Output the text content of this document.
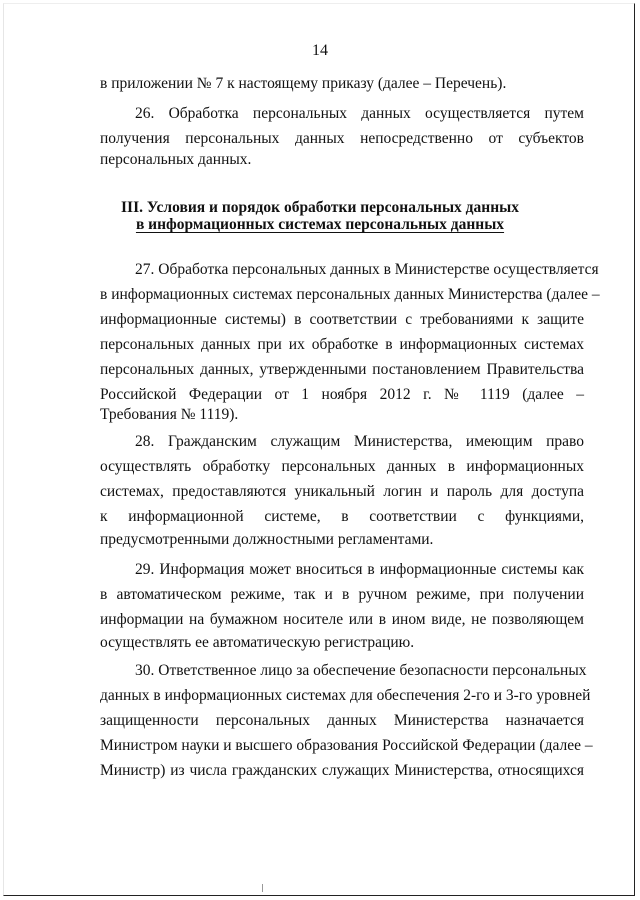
14
в приложении № 7 к настоящему приказу (далее – Перечень).
26. Обработка персональных данных осуществляется путем
получения персональных данных непосредственно от субъектов
персональных данных.
III. Условия и порядок обработки персональных данных
в информационных системах персональных данных
27. Обработка персональных данных в Министерстве осуществляется
в информационных системах персональных данных Министерства (далее –
информационные системы) в соответствии с требованиями к защите
персональных данных при их обработке в информационных системах
персональных данных, утвержденными постановлением Правительства
Российской Федерации от 1 ноября 2012 г. № 1119 (далее –
Требования № 1119).
28. Гражданским служащим Министерства, имеющим право
осуществлять обработку персональных данных в информационных
системах, предоставляются уникальный логин и пароль для доступа
к информационной системе, в соответствии с функциями,
предусмотренными должностными регламентами.
29. Информация может вноситься в информационные системы как
в автоматическом режиме, так и в ручном режиме, при получении
информации на бумажном носителе или в ином виде, не позволяющем
осуществлять ее автоматическую регистрацию.
30. Ответственное лицо за обеспечение безопасности персональных
данных в информационных системах для обеспечения 2-го и 3-го уровней
защищенности персональных данных Министерства назначается
Министром науки и высшего образования Российской Федерации (далее –
Министр) из числа гражданских служащих Министерства, относящихся
